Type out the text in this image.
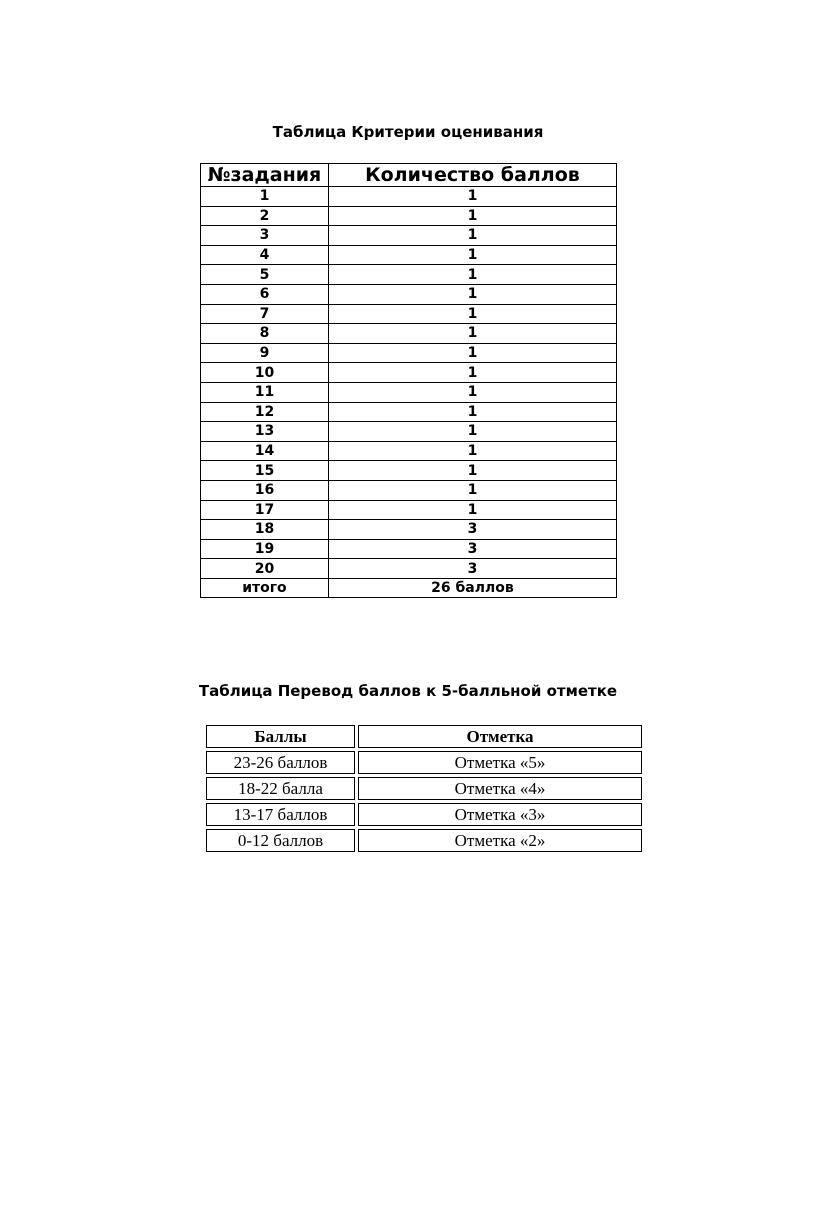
Таблица Критерии оценивания
№задания	Количество баллов
1	1
2	1
3	1
4	1
5	1
6	1
7	1
8	1
9	1
10	1
11	1
12	1
13	1
14	1
15	1
16	1
17	1
18	3
19	3
20	3
итого	26 баллов
Таблица Перевод баллов к 5-балльной отметке
Баллы	Отметка
23-26 баллов	Отметка «5»
18-22 балла	Отметка «4»
13-17 баллов	Отметка «3»
0-12 баллов	Отметка «2»
